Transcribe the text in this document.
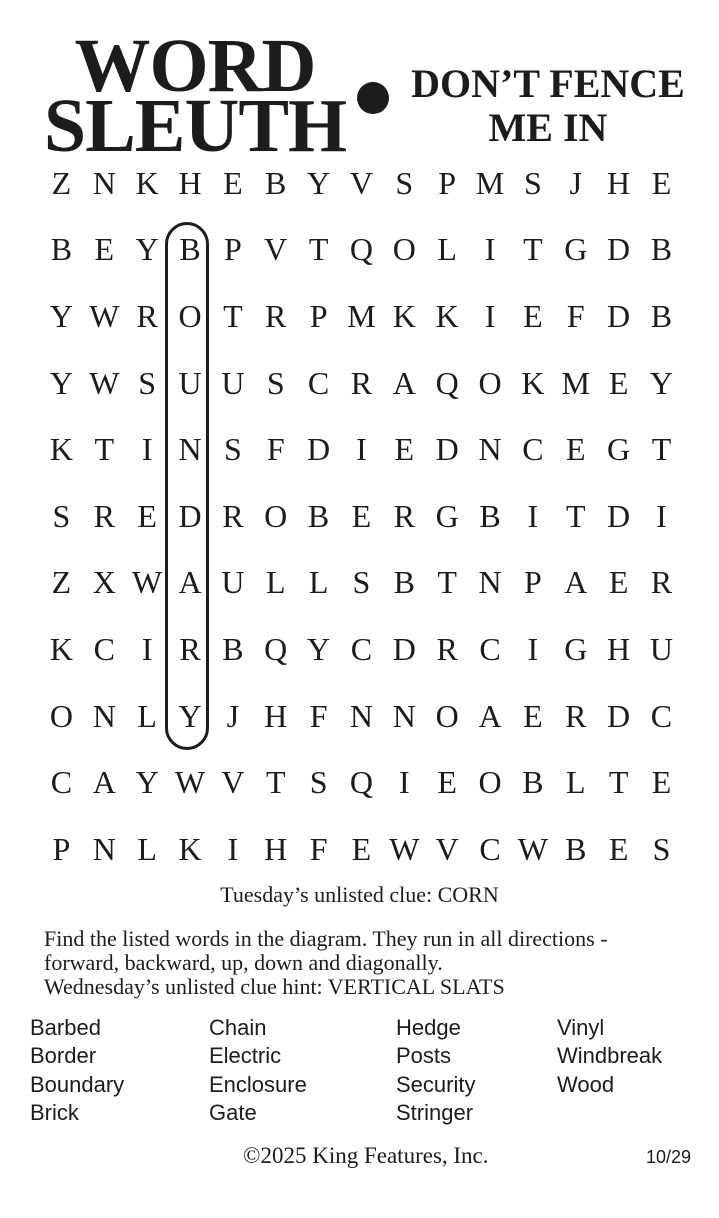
WORD
SLEUTH
DON’T FENCE
ME IN
Z N K H E B Y V S P M S J H E
B E Y B P V T Q O L I T G D B
Y W R O T R P M K K I E F D B
Y W S U U S C R A Q O K M E Y
K T I N S F D I E D N C E G T
S R E D R O B E R G B I T D I
Z X W A U L L S B T N P A E R
K C I R B Q Y C D R C I G H U
O N L Y J H F N N O A E R D C
C A Y W V T S Q I E O B L T E
P N L K I H F E W V C W B E S
Tuesday’s unlisted clue: CORN
Find the listed words in the diagram. They run in all directions -
forward, backward, up, down and diagonally.
Wednesday’s unlisted clue hint: VERTICAL SLATS
Barbed
Border
Boundary
Brick
Chain
Electric
Enclosure
Gate
Hedge
Posts
Security
Stringer
Vinyl
Windbreak
Wood
©2025 King Features, Inc.	10/29
